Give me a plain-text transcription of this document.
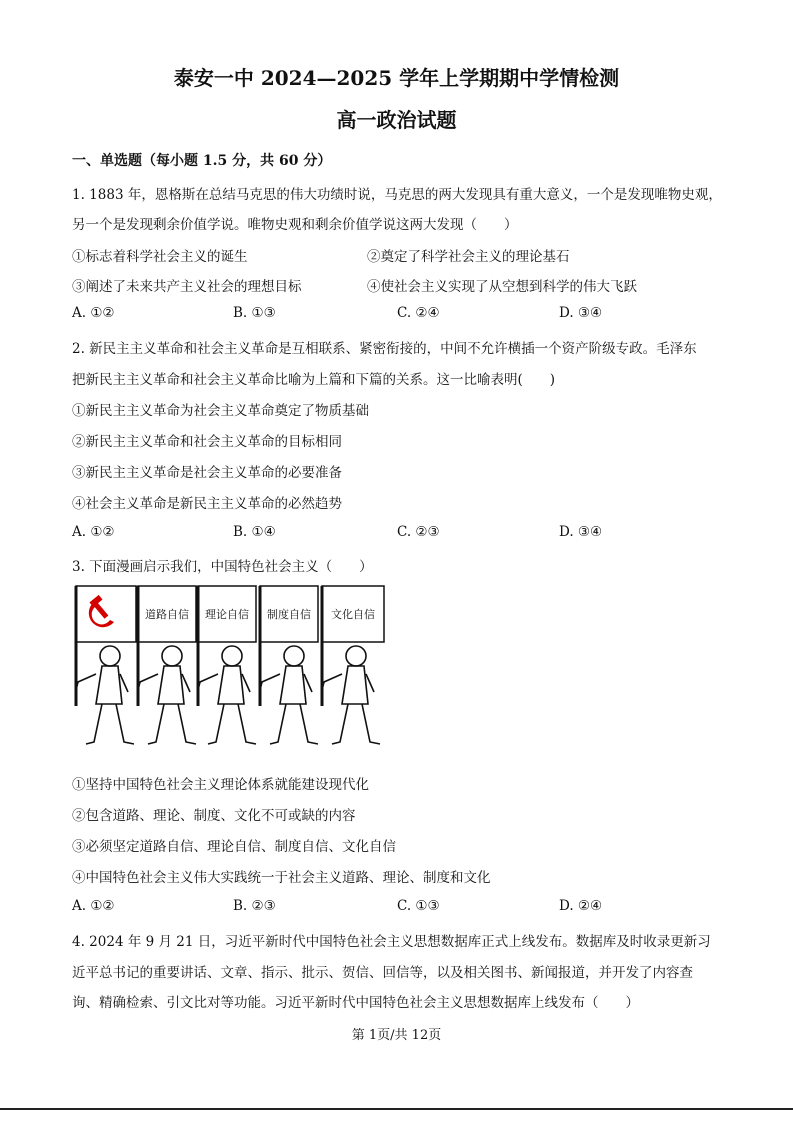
泰安一中 2024—2025 学年上学期期中学情检测
高一政治试题
一、单选题（每小题 1.5 分，共 60 分）
1. 1883 年，恩格斯在总结马克思的伟大功绩时说，马克思的两大发现具有重大意义，一个是发现唯物史观，
另一个是发现剩余价值学说。唯物史观和剩余价值学说这两大发现（　　）
①标志着科学社会主义的诞生	②奠定了科学社会主义的理论基石
③阐述了未来共产主义社会的理想目标	④使社会主义实现了从空想到科学的伟大飞跃
A. ①②	B. ①③	C. ②④	D. ③④
2. 新民主主义革命和社会主义革命是互相联系、紧密衔接的，中间不允许横插一个资产阶级专政。毛泽东
把新民主主义革命和社会主义革命比喻为上篇和下篇的关系。这一比喻表明(　　)
①新民主主义革命为社会主义革命奠定了物质基础
②新民主主义革命和社会主义革命的目标相同
③新民主主义革命是社会主义革命的必要准备
④社会主义革命是新民主主义革命的必然趋势
A. ①②	B. ①④	C. ②③	D. ③④
3. 下面漫画启示我们，中国特色社会主义（　　）
道路自信 理论自信 制度自信 文化自信
①坚持中国特色社会主义理论体系就能建设现代化
②包含道路、理论、制度、文化不可或缺的内容
③必须坚定道路自信、理论自信、制度自信、文化自信
④中国特色社会主义伟大实践统一于社会主义道路、理论、制度和文化
A. ①②	B. ②③	C. ①③	D. ②④
4. 2024 年 9 月 21 日，习近平新时代中国特色社会主义思想数据库正式上线发布。数据库及时收录更新习
近平总书记的重要讲话、文章、指示、批示、贺信、回信等，以及相关图书、新闻报道，并开发了内容查
询、精确检索、引文比对等功能。习近平新时代中国特色社会主义思想数据库上线发布（　　）
第 1页/共 12页
